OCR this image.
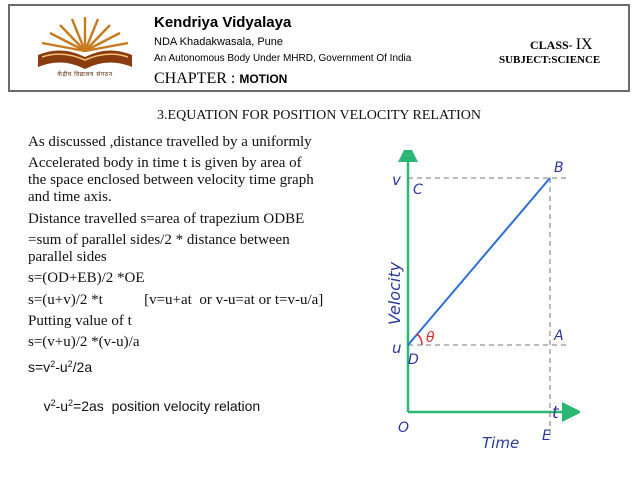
केंद्रीय विद्यालय संगठन
Kendriya Vidyalaya
NDA Khadakwasala, Pune
An Autonomous Body Under MHRD, Government Of India
CHAPTER : MOTION
CLASS- IX
SUBJECT:SCIENCE
3.EQUATION FOR POSITION VELOCITY RELATION
As discussed ,distance travelled by a uniformly
Accelerated body in time t is given by area of
the space enclosed between velocity time graph
and time axis.
Distance travelled s=area of trapezium ODBE
=sum of parallel sides/2 * distance between
parallel sides
s=(OD+EB)/2 *OE
s=(u+v)/2 *t           [v=u+at  or v-u=at or t=v-u/a]
Putting value of t
s=(v+u)/2 *(v-u)/a
$s=v^2-u^2/2a$

$v^2-u^2=2as$  position velocity relation

v
u
C
B
A
D
θ
t
E
O
Time
Velocity
